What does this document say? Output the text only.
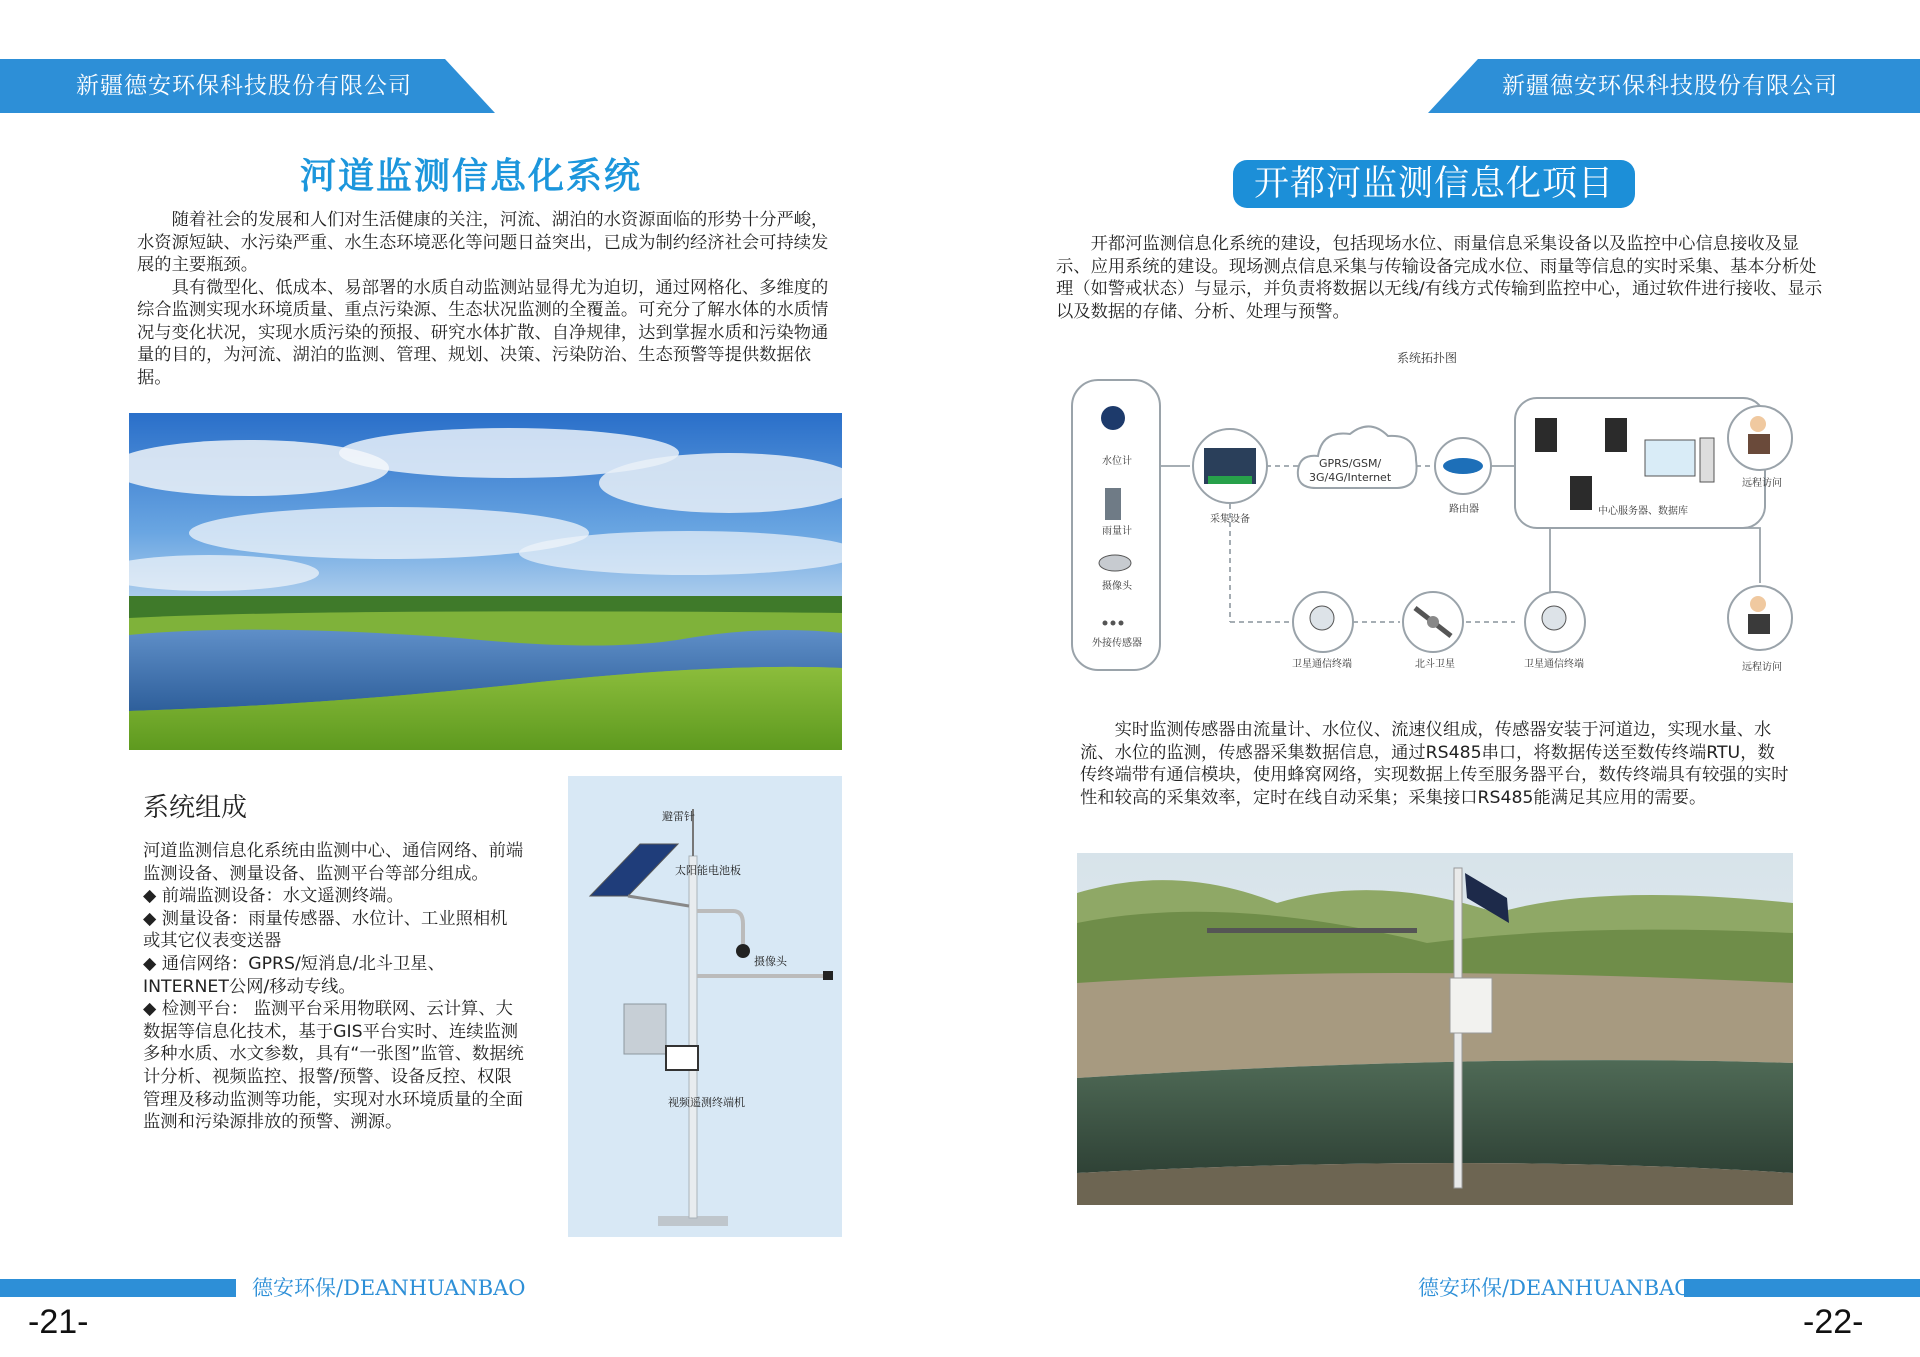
新疆德安环保科技股份有限公司	新疆德安环保科技股份有限公司
河道监测信息化系统

随着社会的发展和人们对生活健康的关注，河流、湖泊的水资源面临的形势十分严峻，水资源短缺、水污染严重、水生态环境恶化等问题日益突出，已成为制约经济社会可持续发展的主要瓶颈。

具有微型化、低成本、易部署的水质自动监测站显得尤为迫切，通过网格化、多维度的综合监测实现水环境质量、重点污染源、生态状况监测的全覆盖。可充分了解水体的水质情况与变化状况，实现水质污染的预报、研究水体扩散、自净规律，达到掌握水质和污染物通量的目的，为河流、湖泊的监测、管理、规划、决策、污染防治、生态预警等提供数据依据。

系统组成
河道监测信息化系统由监测中心、通信网络、前端监测设备、测量设备、监测平台等部分组成。
◆ 前端监测设备：水文遥测终端。
◆ 测量设备：雨量传感器、水位计、工业照相机或其它仪表变送器
◆ 通信网络：GPRS/短消息/北斗卫星、INTERNET公网/移动专线。
◆ 检测平台： 监测平台采用物联网、云计算、大数据等信息化技术，基于GIS平台实时、连续监测多种水质、水文参数，具有“一张图”监管、数据统计分析、视频监控、报警/预警、设备反控、权限管理及移动监测等功能，实现对水环境质量的全面监测和污染源排放的预警、溯源。
避雷针
太阳能电池板
摄像头
视频遥测终端机
开都河监测信息化项目

开都河监测信息化系统的建设，包括现场水位、雨量信息采集设备以及监控中心信息接收及显示、应用系统的建设。现场测点信息采集与传输设备完成水位、雨量等信息的实时采集、基本分析处理（如警戒状态）与显示，并负责将数据以无线/有线方式传输到监控中心，通过软件进行接收、显示以及数据的存储、分析、处理与预警。

系统拓扑图
水位计
雨量计
摄像头
外接传感器
采集设备
GPRS/GSM/
3G/4G/Internet
路由器	中心服务器、数据库
远程访问
远程访问
卫星通信终端	北斗卫星	卫星通信终端

实时监测传感器由流量计、水位仪、流速仪组成，传感器安装于河道边，实现水量、水流、水位的监测，传感器采集数据信息，通过RS485串口，将数据传送至数传终端RTU，数传终端带有通信模块，使用蜂窝网络，实现数据上传至服务器平台，数传终端具有较强的实时性和较高的采集效率，定时在线自动采集；采集接口RS485能满足其应用的需要。

德安环保/DEANHUANBAO
-21-
德安环保/DEANHUANBAO
-22-
